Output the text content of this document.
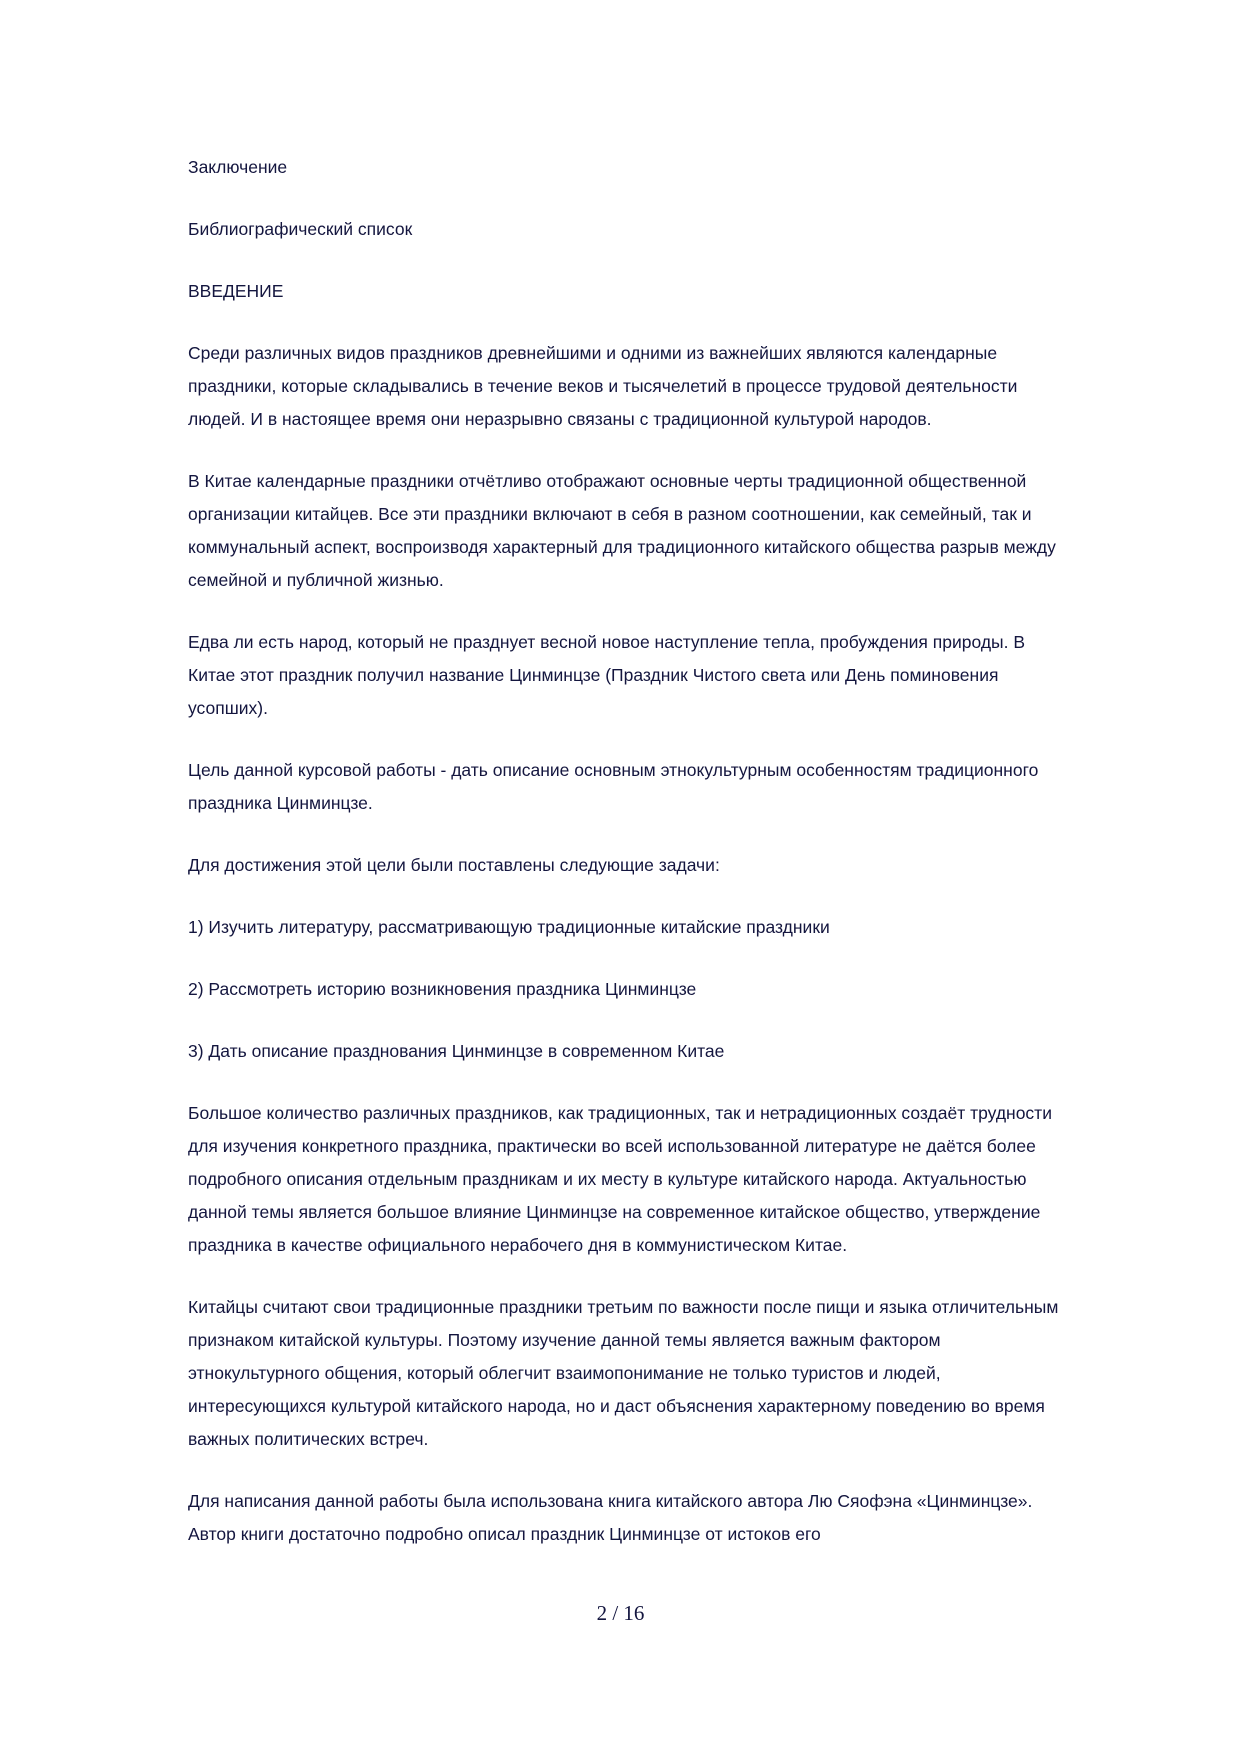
Заключение

Библиографический список

ВВЕДЕНИЕ

Среди различных видов праздников древнейшими и одними из важнейших являются календарные праздники, которые складывались в течение веков и тысячелетий в процессе трудовой деятельности людей. И в настоящее время они неразрывно связаны с традиционной культурой народов.

В Китае календарные праздники отчётливо отображают основные черты традиционной общественной организации китайцев. Все эти праздники включают в себя в разном соотношении, как семейный, так и коммунальный аспект, воспроизводя характерный для традиционного китайского общества разрыв между семейной и публичной жизнью.

Едва ли есть народ, который не празднует весной новое наступление тепла, пробуждения природы. В Китае этот праздник получил название Цинминцзе (Праздник Чистого света или День поминовения усопших).

Цель данной курсовой работы - дать описание основным этнокультурным особенностям традиционного праздника Цинминцзе.

Для достижения этой цели были поставлены следующие задачи:

1) Изучить литературу, рассматривающую традиционные китайские праздники

2) Рассмотреть историю возникновения праздника Цинминцзе

3) Дать описание празднования Цинминцзе в современном Китае

Большое количество различных праздников, как традиционных, так и нетрадиционных создаёт трудности для изучения конкретного праздника, практически во всей использованной литературе не даётся более подробного описания отдельным праздникам и их месту в культуре китайского народа. Актуальностью данной темы является большое влияние Цинминцзе на современное китайское общество, утверждение праздника в качестве официального нерабочего дня в коммунистическом Китае.

Китайцы считают свои традиционные праздники третьим по важности после пищи и языка отличительным признаком китайской культуры. Поэтому изучение данной темы является важным фактором этнокультурного общения, который облегчит взаимопонимание не только туристов и людей, интересующихся культурой китайского народа, но и даст объяснения характерному поведению во время важных политических встреч.

Для написания данной работы была использована книга китайского автора Лю Сяофэна «Цинминцзе». Автор книги достаточно подробно описал праздник Цинминцзе от истоков его

2 / 16
